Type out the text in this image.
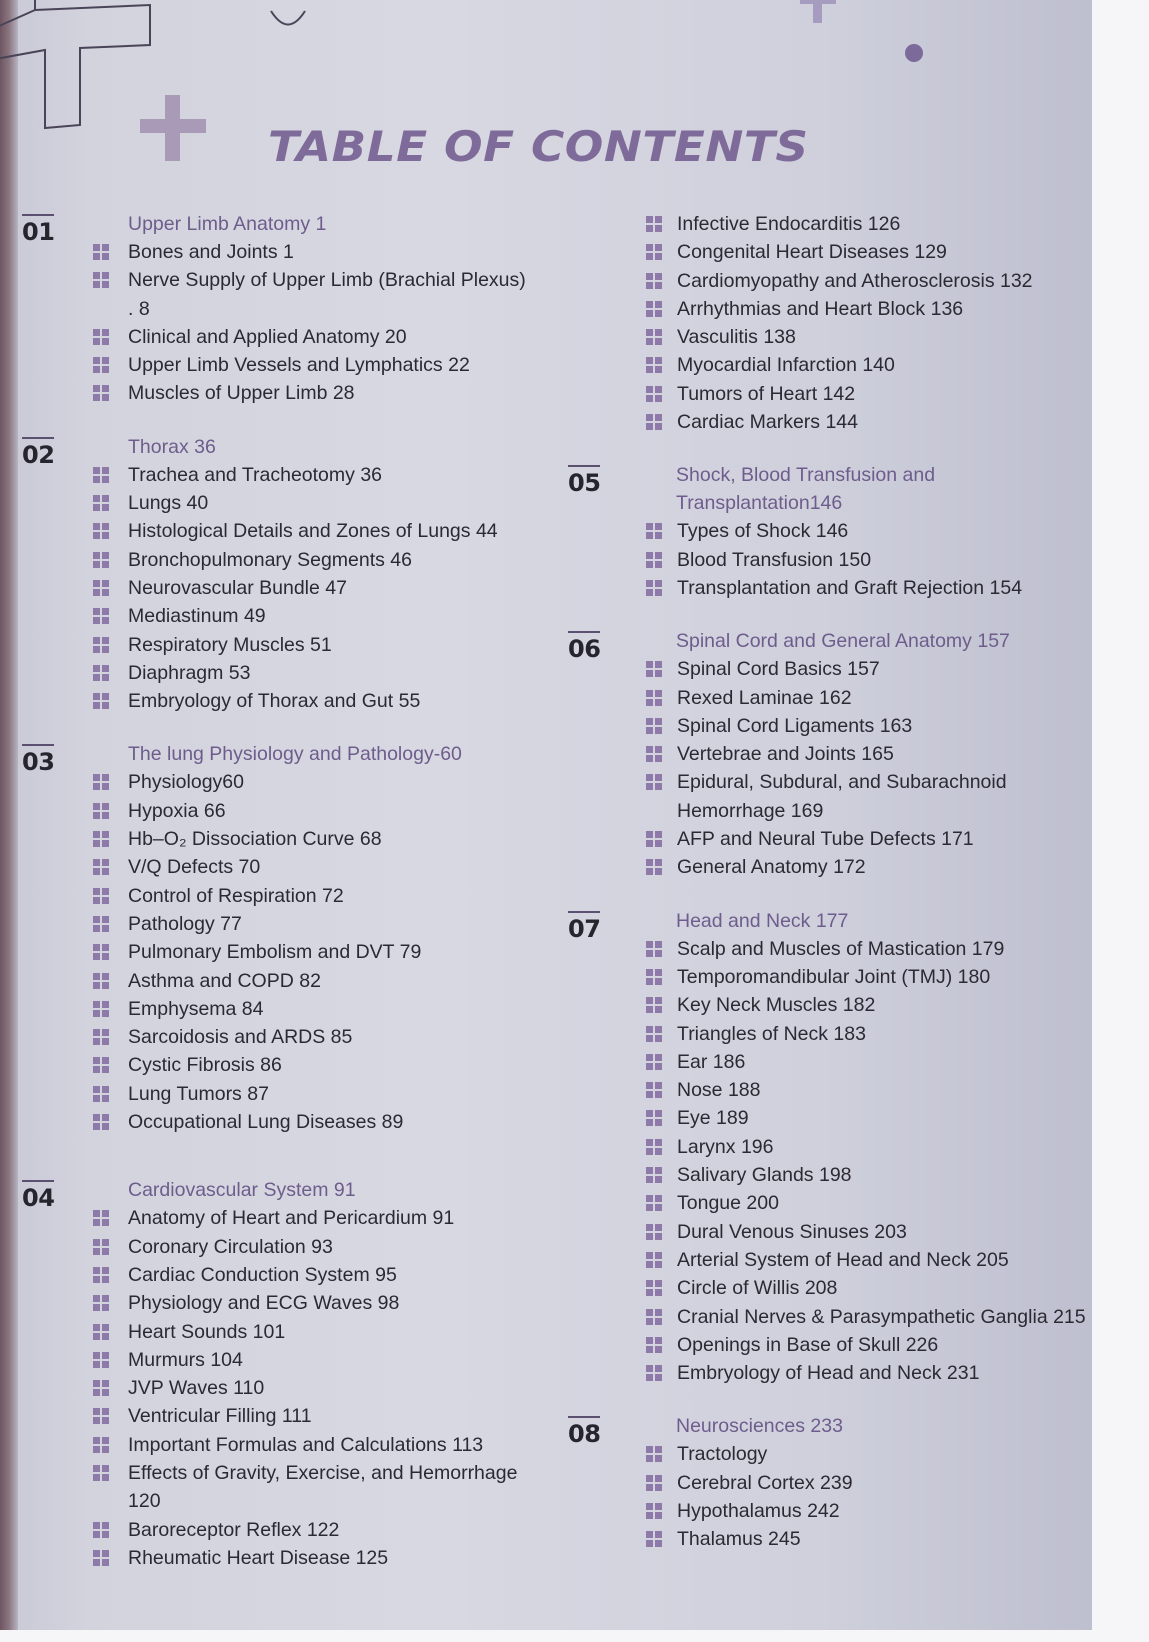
TABLE OF CONTENTS
01	Upper Limb Anatomy 1
Bones and Joints 1
Nerve Supply of Upper Limb (Brachial Plexus) . 8
Clinical and Applied Anatomy 20
Upper Limb Vessels and Lymphatics 22
Muscles of Upper Limb 28
02	Thorax 36
Trachea and Tracheotomy 36
Lungs 40
Histological Details and Zones of Lungs 44
Bronchopulmonary Segments 46
Neurovascular Bundle 47
Mediastinum 49
Respiratory Muscles 51
Diaphragm 53
Embryology of Thorax and Gut 55
03	The lung Physiology and Pathology-60
Physiology60
Hypoxia 66
Hb–O₂ Dissociation Curve 68
V/Q Defects 70
Control of Respiration 72
Pathology 77
Pulmonary Embolism and DVT 79
Asthma and COPD 82
Emphysema 84
Sarcoidosis and ARDS 85
Cystic Fibrosis 86
Lung Tumors 87
Occupational Lung Diseases 89
04	Cardiovascular System 91
Anatomy of Heart and Pericardium 91
Coronary Circulation 93
Cardiac Conduction System 95
Physiology and ECG Waves 98
Heart Sounds 101
Murmurs 104
JVP Waves 110
Ventricular Filling 111
Important Formulas and Calculations 113
Effects of Gravity, Exercise, and Hemorrhage 120
Baroreceptor Reflex 122
Rheumatic Heart Disease 125
Infective Endocarditis 126
Congenital Heart Diseases 129
Cardiomyopathy and Atherosclerosis 132
Arrhythmias and Heart Block 136
Vasculitis 138
Myocardial Infarction 140
Tumors of Heart 142
Cardiac Markers 144
05	Shock, Blood Transfusion and Transplantation146
Types of Shock 146
Blood Transfusion 150
Transplantation and Graft Rejection 154
06	Spinal Cord and General Anatomy 157
Spinal Cord Basics 157
Rexed Laminae 162
Spinal Cord Ligaments 163
Vertebrae and Joints 165
Epidural, Subdural, and Subarachnoid Hemorrhage 169
AFP and Neural Tube Defects 171
General Anatomy 172
07	Head and Neck 177
Scalp and Muscles of Mastication 179
Temporomandibular Joint (TMJ) 180
Key Neck Muscles 182
Triangles of Neck 183
Ear 186
Nose 188
Eye 189
Larynx 196
Salivary Glands 198
Tongue 200
Dural Venous Sinuses 203
Arterial System of Head and Neck 205
Circle of Willis 208
Cranial Nerves & Parasympathetic Ganglia 215
Openings in Base of Skull 226
Embryology of Head and Neck 231
08	Neurosciences 233
Tractology
Cerebral Cortex 239
Hypothalamus 242
Thalamus 245
